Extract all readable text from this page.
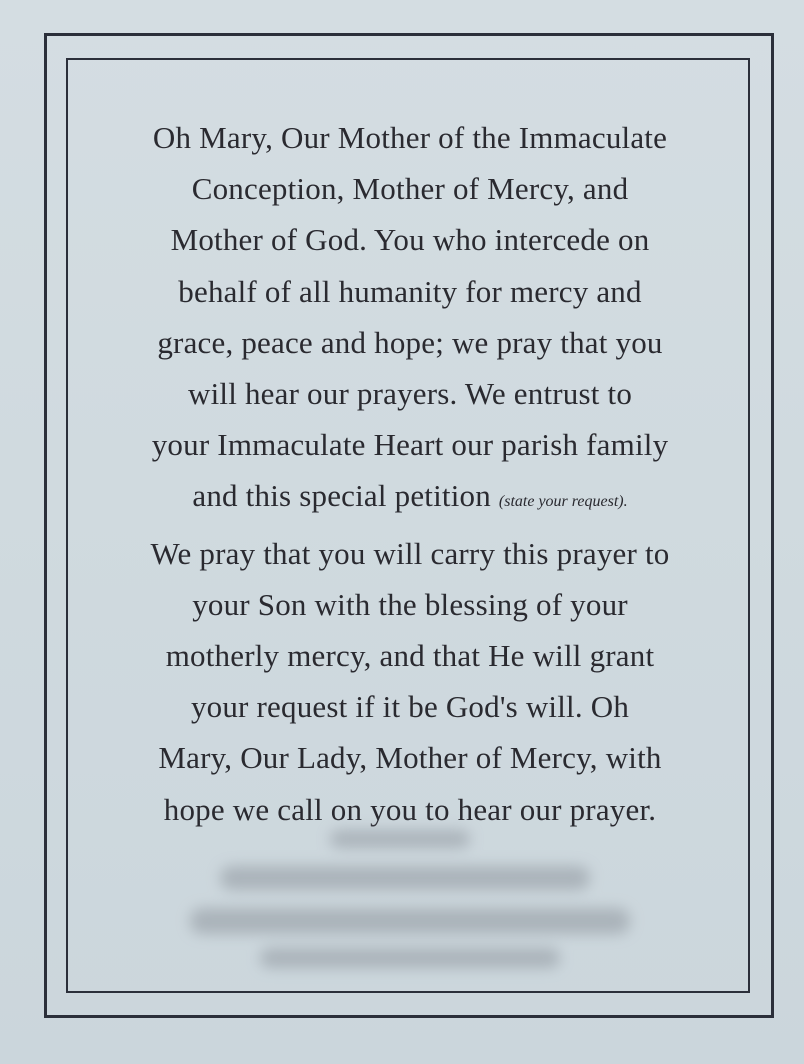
Oh Mary, Our Mother of the Immaculate
Conception, Mother of Mercy, and
Mother of God. You who intercede on
behalf of all humanity for mercy and
grace, peace and hope; we pray that you
will hear our prayers. We entrust to
your Immaculate Heart our parish family
and this special petition (state your request).
We pray that you will carry this prayer to
your Son with the blessing of your
motherly mercy, and that He will grant
your request if it be God's will. Oh
Mary, Our Lady, Mother of Mercy, with
hope we call on you to hear our prayer.
